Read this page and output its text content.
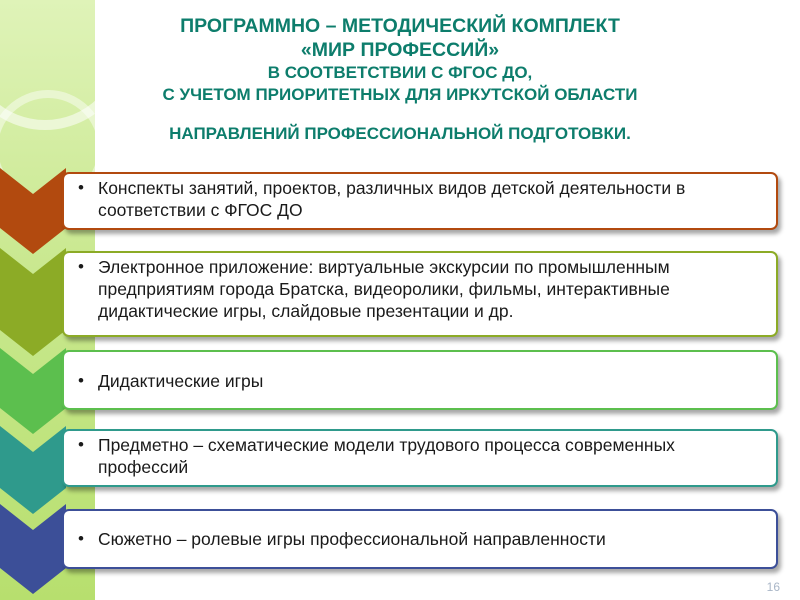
ПРОГРАММНО – МЕТОДИЧЕСКИЙ КОМПЛЕКТ
«МИР ПРОФЕССИЙ»
В СООТВЕТСТВИИ С ФГОС ДО,
С УЧЕТОМ ПРИОРИТЕТНЫХ ДЛЯ ИРКУТСКОЙ ОБЛАСТИ
НАПРАВЛЕНИЙ ПРОФЕССИОНАЛЬНОЙ ПОДГОТОВКИ.
• Конспекты занятий, проектов, различных видов детской деятельности в соответствии с ФГОС ДО
• Электронное приложение: виртуальные экскурсии по промышленным предприятиям города Братска, видеоролики, фильмы, интерактивные дидактические игры, слайдовые презентации и др.
• Дидактические игры
• Предметно – схематические модели трудового процесса современных профессий
• Сюжетно – ролевые игры профессиональной направленности
16
